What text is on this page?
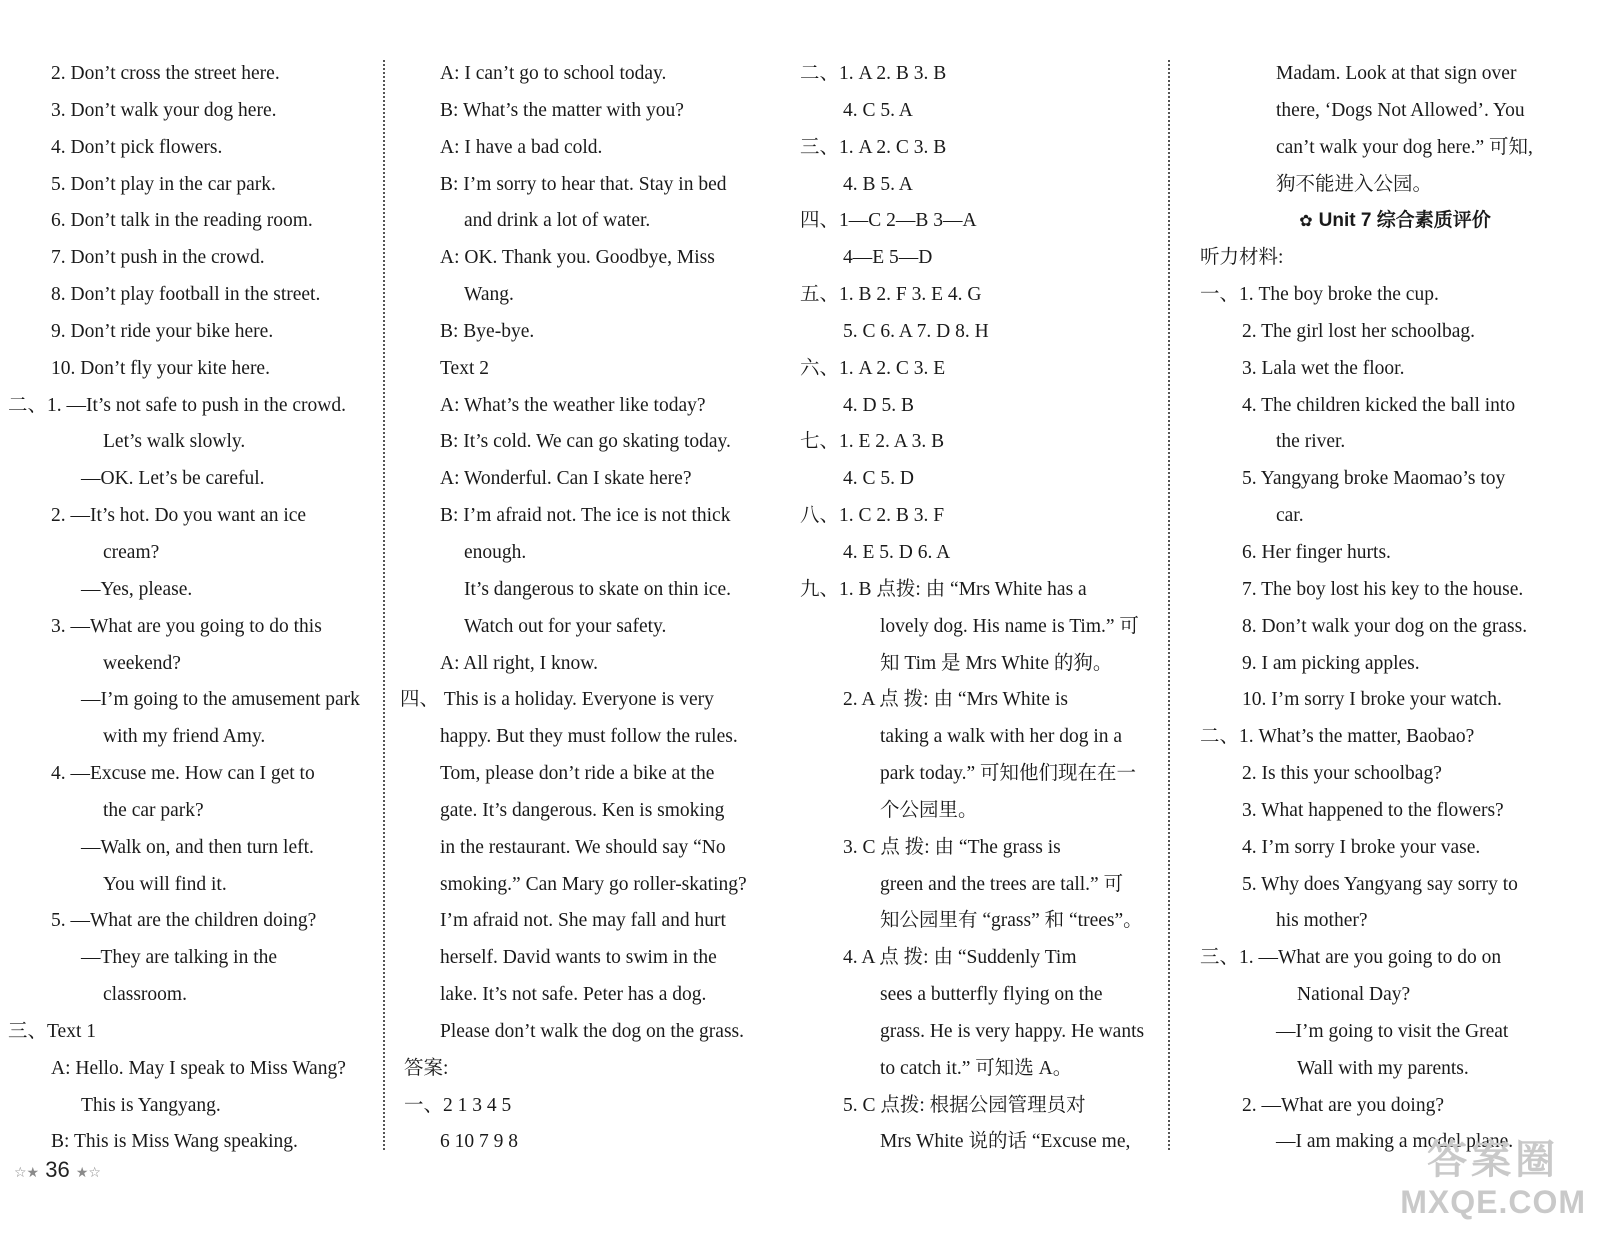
2. Don’t cross the street here.
3. Don’t walk your dog here.
4. Don’t pick flowers.
5. Don’t play in the car park.
6. Don’t talk in the reading room.
7. Don’t push in the crowd.
8. Don’t play football in the street.
9. Don’t ride your bike here.
10. Don’t fly your kite here.
二、1. —It’s not safe to push in the crowd.
Let’s walk slowly.
—OK. Let’s be careful.
2. —It’s hot. Do you want an ice
cream?
—Yes, please.
3. —What are you going to do this
weekend?
—I’m going to the amusement park
with my friend Amy.
4. —Excuse me. How can I get to
the car park?
—Walk on, and then turn left.
You will find it.
5. —What are the children doing?
—They are talking in the
classroom.
三、Text 1
A: Hello. May I speak to Miss Wang?
This is Yangyang.
B: This is Miss Wang speaking.
A: I can’t go to school today.
B: What’s the matter with you?
A: I have a bad cold.
B: I’m sorry to hear that. Stay in bed
and drink a lot of water.
A: OK. Thank you. Goodbye, Miss
Wang.
B: Bye-bye.
Text 2
A: What’s the weather like today?
B: It’s cold. We can go skating today.
A: Wonderful. Can I skate here?
B: I’m afraid not. The ice is not thick
enough.
It’s dangerous to skate on thin ice.
Watch out for your safety.
A: All right, I know.
四、 This is a holiday. Everyone is very
happy. But they must follow the rules.
Tom, please don’t ride a bike at the
gate. It’s dangerous. Ken is smoking
in the restaurant. We should say “No
smoking.” Can Mary go roller-skating?
I’m afraid not. She may fall and hurt
herself. David wants to swim in the
lake. It’s not safe. Peter has a dog.
Please don’t walk the dog on the grass.
答案:
一、2 1 3 4 5
6 10 7 9 8
二、1. A 2. B 3. B
4. C 5. A
三、1. A 2. C 3. B
4. B 5. A
四、1—C 2—B 3—A
4—E 5—D
五、1. B 2. F 3. E 4. G
5. C 6. A 7. D 8. H
六、1. A 2. C 3. E
4. D 5. B
七、1. E 2. A 3. B
4. C 5. D
八、1. C 2. B 3. F
4. E 5. D 6. A
九、1. B 点拨: 由 “Mrs White has a
lovely dog. His name is Tim.” 可
知 Tim 是 Mrs White 的狗。
2. A 点 拨: 由 “Mrs White is
taking a walk with her dog in a
park today.” 可知他们现在在一
个公园里。
3. C 点 拨: 由 “The grass is
green and the trees are tall.” 可
知公园里有 “grass” 和 “trees”。
4. A 点 拨: 由 “Suddenly Tim
sees a butterfly flying on the
grass. He is very happy. He wants
to catch it.” 可知选 A。
5. C 点拨: 根据公园管理员对
Mrs White 说的话 “Excuse me,
Madam. Look at that sign over
there, ‘Dogs Not Allowed’. You
can’t walk your dog here.” 可知,
狗不能进入公园。
✿ Unit 7 综合素质评价
听力材料:
一、1. The boy broke the cup.
2. The girl lost her schoolbag.
3. Lala wet the floor.
4. The children kicked the ball into
the river.
5. Yangyang broke Maomao’s toy
car.
6. Her finger hurts.
7. The boy lost his key to the house.
8. Don’t walk your dog on the grass.
9. I am picking apples.
10. I’m sorry I broke your watch.
二、1. What’s the matter, Baobao?
2. Is this your schoolbag?
3. What happened to the flowers?
4. I’m sorry I broke your vase.
5. Why does Yangyang say sorry to
his mother?
三、1. —What are you going to do on
National Day?
—I’m going to visit the Great
Wall with my parents.
2. —What are you doing?
—I am making a model plane.
☆★ 36 ★☆	答案圈
MXQE.COM
